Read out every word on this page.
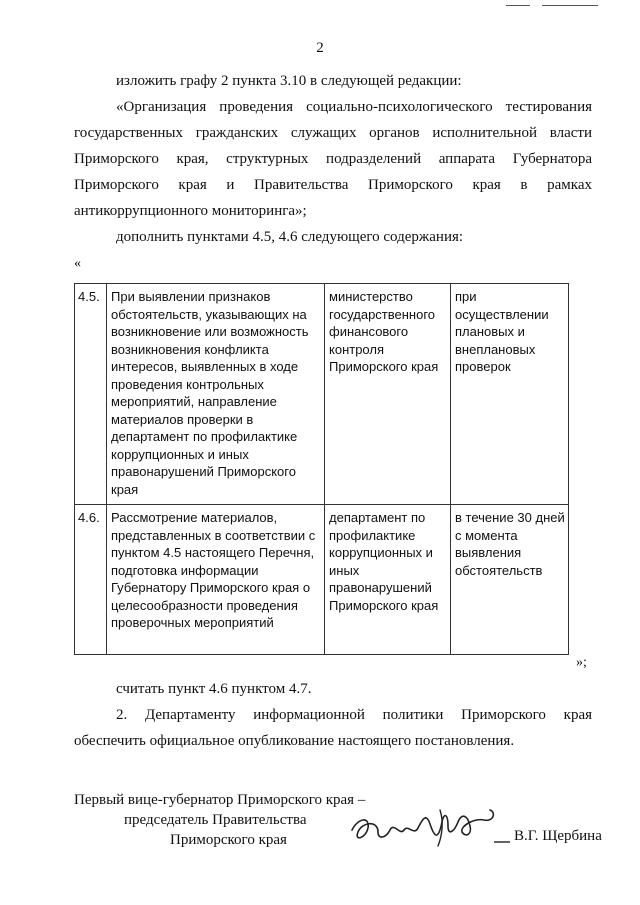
2

изложить графу 2 пункта 3.10 в следующей редакции:

«Организация проведения социально-психологического тестирования государственных гражданских служащих органов исполнительной власти Приморского края, структурных подразделений аппарата Губернатора Приморского края и Правительства Приморского края в рамках антикоррупционного мониторинга»;

дополнить пунктами 4.5, 4.6 следующего содержания:

«
4.5.	При выявлении признаков обстоятельств, указывающих на возникновение или возможность возникновения конфликта интересов, выявленных в ходе проведения контрольных мероприятий, направление материалов проверки в департамент по профилактике коррупционных и иных правонарушений Приморского края	министерство государственного финансового контроля Приморского края	при осуществлении плановых и внеплановых проверок
4.6.	Рассмотрение материалов, представленных в соответствии с пунктом 4.5 настоящего Перечня, подготовка информации Губернатору Приморского края о целесообразности проведения проверочных мероприятий	департамент по профилактике коррупционных и иных правонарушений Приморского края	в течение 30 дней с момента выявления обстоятельств
»;

считать пункт 4.6 пунктом 4.7.

2. Департаменту информационной политики Приморского края обеспечить официальное опубликование настоящего постановления.

Первый вице-губернатор Приморского края –
председатель Правительства
Приморского края	В.Г. Щербина
